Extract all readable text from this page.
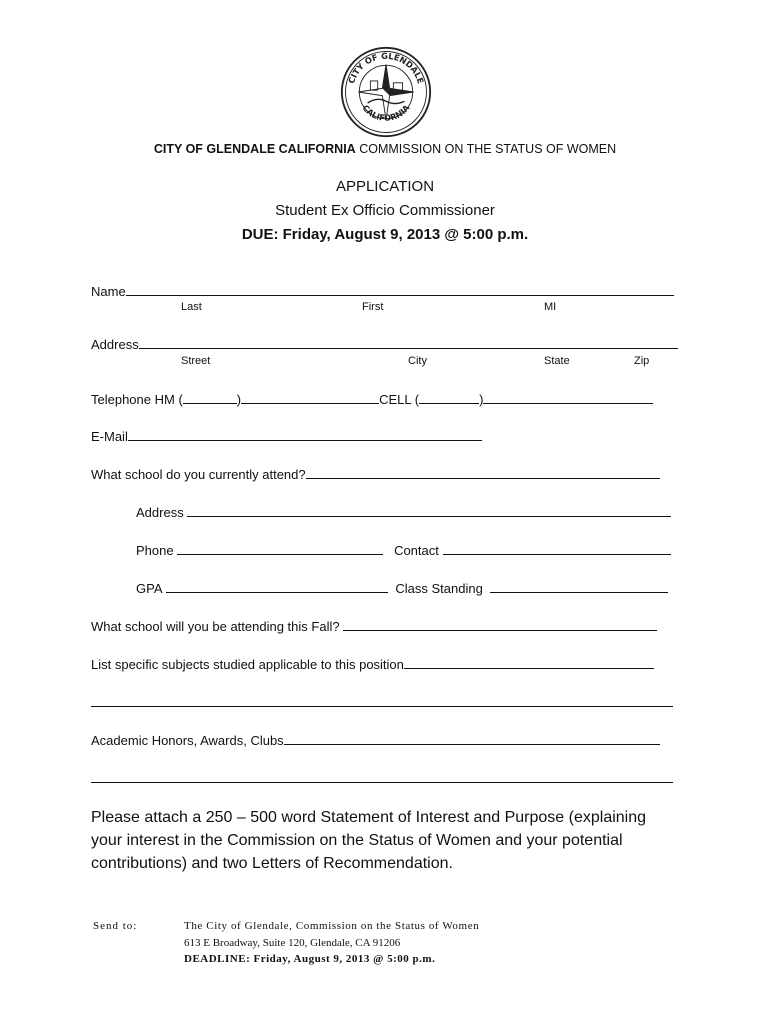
CITY OF GLENDALE
CALIFORNIA
CITY OF GLENDALE CALIFORNIA COMMISSION ON THE STATUS OF WOMEN
APPLICATION
Student Ex Officio Commissioner
DUE: Friday, August 9, 2013 @ 5:00 p.m.
Name
Last	First	MI
Address
Street	City	State	Zip
Telephone HM (	)	CELL (	)
E-Mail
What school do you currently attend?
Address
Phone	Contact
GPA	Class Standing
What school will you be attending this Fall?
List specific subjects studied applicable to this position
Academic Honors, Awards, Clubs
Please attach a 250 – 500 word Statement of Interest and Purpose (explaining your interest in the Commission on the Status of Women and your potential contributions) and two Letters of Recommendation.
Send to:	The City of Glendale, Commission on the Status of Women
613 E Broadway, Suite 120, Glendale, CA 91206
DEADLINE: Friday, August 9, 2013 @ 5:00 p.m.
